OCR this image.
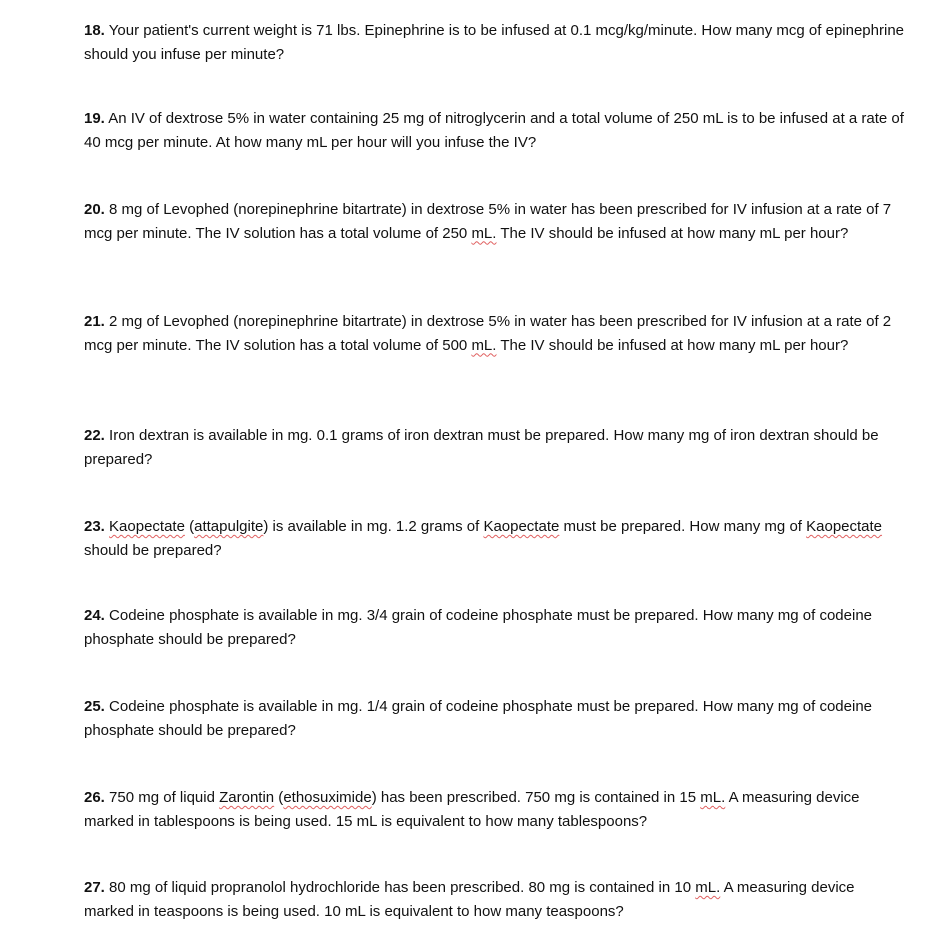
18. Your patient's current weight is 71 lbs. Epinephrine is to be infused at 0.1 mcg/kg/minute. How many mcg of epinephrine should you infuse per minute?

19. An IV of dextrose 5% in water containing 25 mg of nitroglycerin and a total volume of 250 mL is to be infused at a rate of 40 mcg per minute. At how many mL per hour will you infuse the IV?

20. 8 mg of Levophed (norepinephrine bitartrate) in dextrose 5% in water has been prescribed for IV infusion at a rate of 7 mcg per minute. The IV solution has a total volume of 250 mL. The IV should be infused at how many mL per hour?

21. 2 mg of Levophed (norepinephrine bitartrate) in dextrose 5% in water has been prescribed for IV infusion at a rate of 2 mcg per minute. The IV solution has a total volume of 500 mL. The IV should be infused at how many mL per hour?

22. Iron dextran is available in mg. 0.1 grams of iron dextran must be prepared. How many mg of iron dextran should be prepared?

23. Kaopectate (attapulgite) is available in mg. 1.2 grams of Kaopectate must be prepared. How many mg of Kaopectate should be prepared?

24. Codeine phosphate is available in mg. 3/4 grain of codeine phosphate must be prepared. How many mg of codeine phosphate should be prepared?

25. Codeine phosphate is available in mg. 1/4 grain of codeine phosphate must be prepared. How many mg of codeine phosphate should be prepared?

26. 750 mg of liquid Zarontin (ethosuximide) has been prescribed. 750 mg is contained in 15 mL. A measuring device marked in tablespoons is being used. 15 mL is equivalent to how many tablespoons?

27. 80 mg of liquid propranolol hydrochloride has been prescribed. 80 mg is contained in 10 mL. A measuring device marked in teaspoons is being used. 10 mL is equivalent to how many teaspoons?
